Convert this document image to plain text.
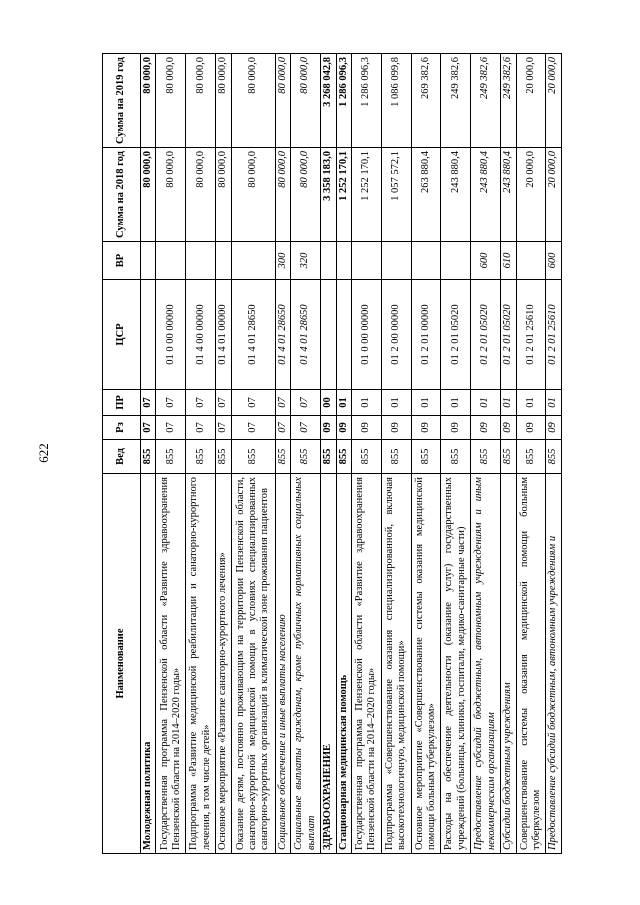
622
Наименование	Вед	Рз	ПР	ЦСР	ВР	Сумма на 2018 год	Сумма на 2019 год
Молодежная политика	855	07	07			80 000,0	80 000,0
Государственная программа Пензенской области «Развитие здравоохранения Пензенской области на 2014–2020 годы»	855	07	07	01 0 00 00000		80 000,0	80 000,0
Подпрограмма «Развитие медицинской реабилитации и санаторно-курортного лечения, в том числе детей»	855	07	07	01 4 00 00000		80 000,0	80 000,0
Основное мероприятие «Развитие санаторно-курортного лечения»	855	07	07	01 4 01 00000		80 000,0	80 000,0
Оказание детям, постоянно проживающим на территории Пензенской области, санаторно-курортной медицинской помощи в условиях специализированных санаторно-курортных организаций в климатической зоне проживания пациентов	855	07	07	01 4 01 28650		80 000,0	80 000,0
Социальное обеспечение и иные выплаты населению	855	07	07	01 4 01 28650	300	80 000,0	80 000,0
Социальные выплаты гражданам, кроме публичных нормативных социальных выплат	855	07	07	01 4 01 28650	320	80 000,0	80 000,0
ЗДРАВООХРАНЕНИЕ	855	09	00			3 358 183,0	3 268 042,8
Стационарная медицинская помощь	855	09	01			1 252 170,1	1 286 096,3
Государственная программа Пензенской области «Развитие здравоохранения Пензенской области на 2014–2020 годы»	855	09	01	01 0 00 00000		1 252 170,1	1 286 096,3
Подпрограмма «Совершенствование оказания специализированной, включая высокотехнологичную, медицинской помощи»	855	09	01	01 2 00 00000		1 057 572,1	1 086 099,8
Основное мероприятие «Совершенствование системы оказания медицинской помощи больным туберкулезом»	855	09	01	01 2 01 00000		263 880,4	269 382,6
Расходы на обеспечение деятельности (оказание услуг) государственных учреждений (больницы, клиники, госпитали, медико-санитарные части)	855	09	01	01 2 01 05020		243 880,4	249 382,6
Предоставление субсидий бюджетным, автономным учреждениям и иным некоммерческим организациям	855	09	01	01 2 01 05020	600	243 880,4	249 382,6
Субсидии бюджетным учреждениям	855	09	01	01 2 01 05020	610	243 880,4	249 382,6
Совершенствование системы оказания медицинской помощи больным туберкулезом	855	09	01	01 2 01 25610		20 000,0	20 000,0
Предоставление субсидий бюджетным, автономным учреждениям и	855	09	01	01 2 01 25610	600	20 000,0	20 000,0
